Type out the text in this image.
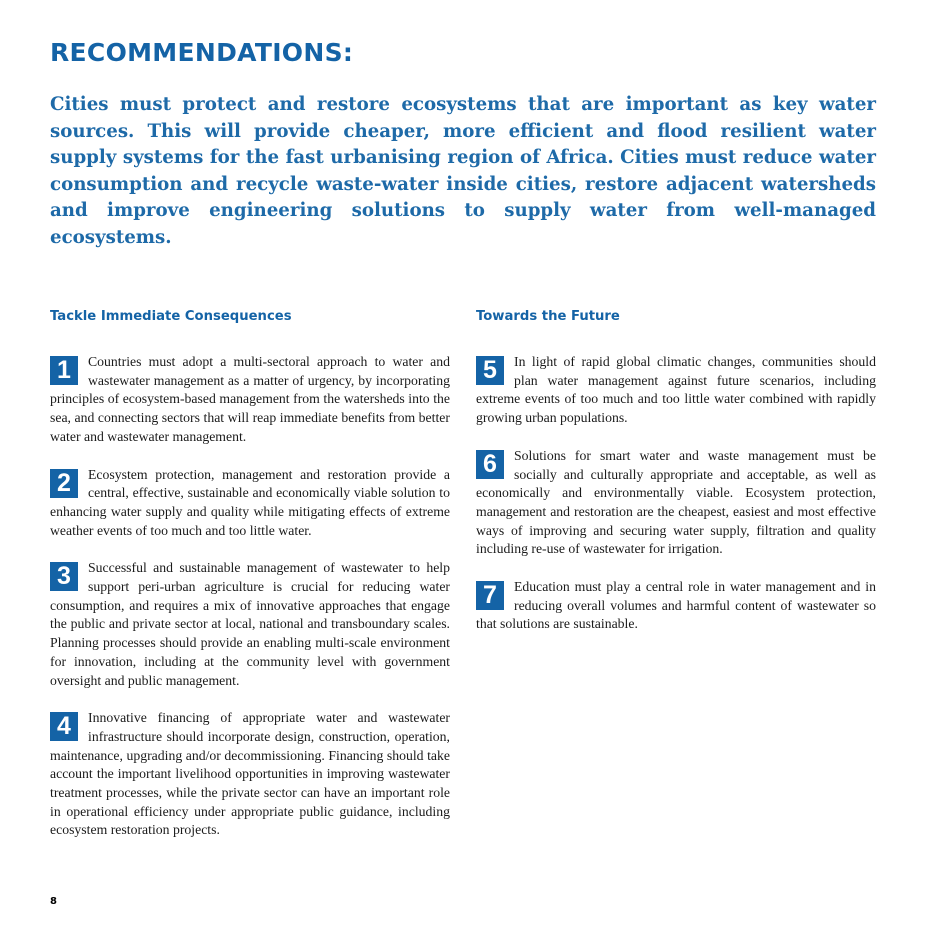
RECOMMENDATIONS:

Cities must protect and restore ecosystems that are important as key water sources. This will provide cheaper, more efficient and flood resilient water supply systems for the fast urbanising region of Africa. Cities must reduce water consumption and recycle waste-water inside cities, restore adjacent watersheds and improve engineering solutions to supply water from well-managed ecosystems.

Tackle Immediate Consequences
1	Countries must adopt a multi-sectoral approach to water and wastewater management as a matter of urgency, by incorporating principles of ecosystem-based management from the watersheds into the sea, and connecting sectors that will reap immediate benefits from better water and wastewater management.
2	Ecosystem protection, management and restoration provide a central, effective, sustainable and economically viable solution to enhancing water supply and quality while mitigating effects of extreme weather events of too much and too little water.
3	Successful and sustainable management of wastewater to help support peri-urban agriculture is crucial for reducing water consumption, and requires a mix of innovative approaches that engage the public and private sector at local, national and transboundary scales. Planning processes should provide an enabling multi-scale environment for innovation, including at the community level with government oversight and public management.
4	Innovative financing of appropriate water and wastewater infrastructure should incorporate design, construction, operation, maintenance, upgrading and/or decommissioning. Financing should take account the important livelihood opportunities in improving wastewater treatment processes, while the private sector can have an important role in operational efficiency under appropriate public guidance, including ecosystem restoration projects.
Towards the Future
5	In light of rapid global climatic changes, communities should plan water management against future scenarios, including extreme events of too much and too little water combined with rapidly growing urban populations.
6	Solutions for smart water and waste management must be socially and culturally appropriate and acceptable, as well as economically and environmentally viable. Ecosystem protection, management and restoration are the cheapest, easiest and most effective ways of improving and securing water supply, filtration and quality including re-use of wastewater for irrigation.
7	Education must play a central role in water management and in reducing overall volumes and harmful content of wastewater so that solutions are sustainable.
8
